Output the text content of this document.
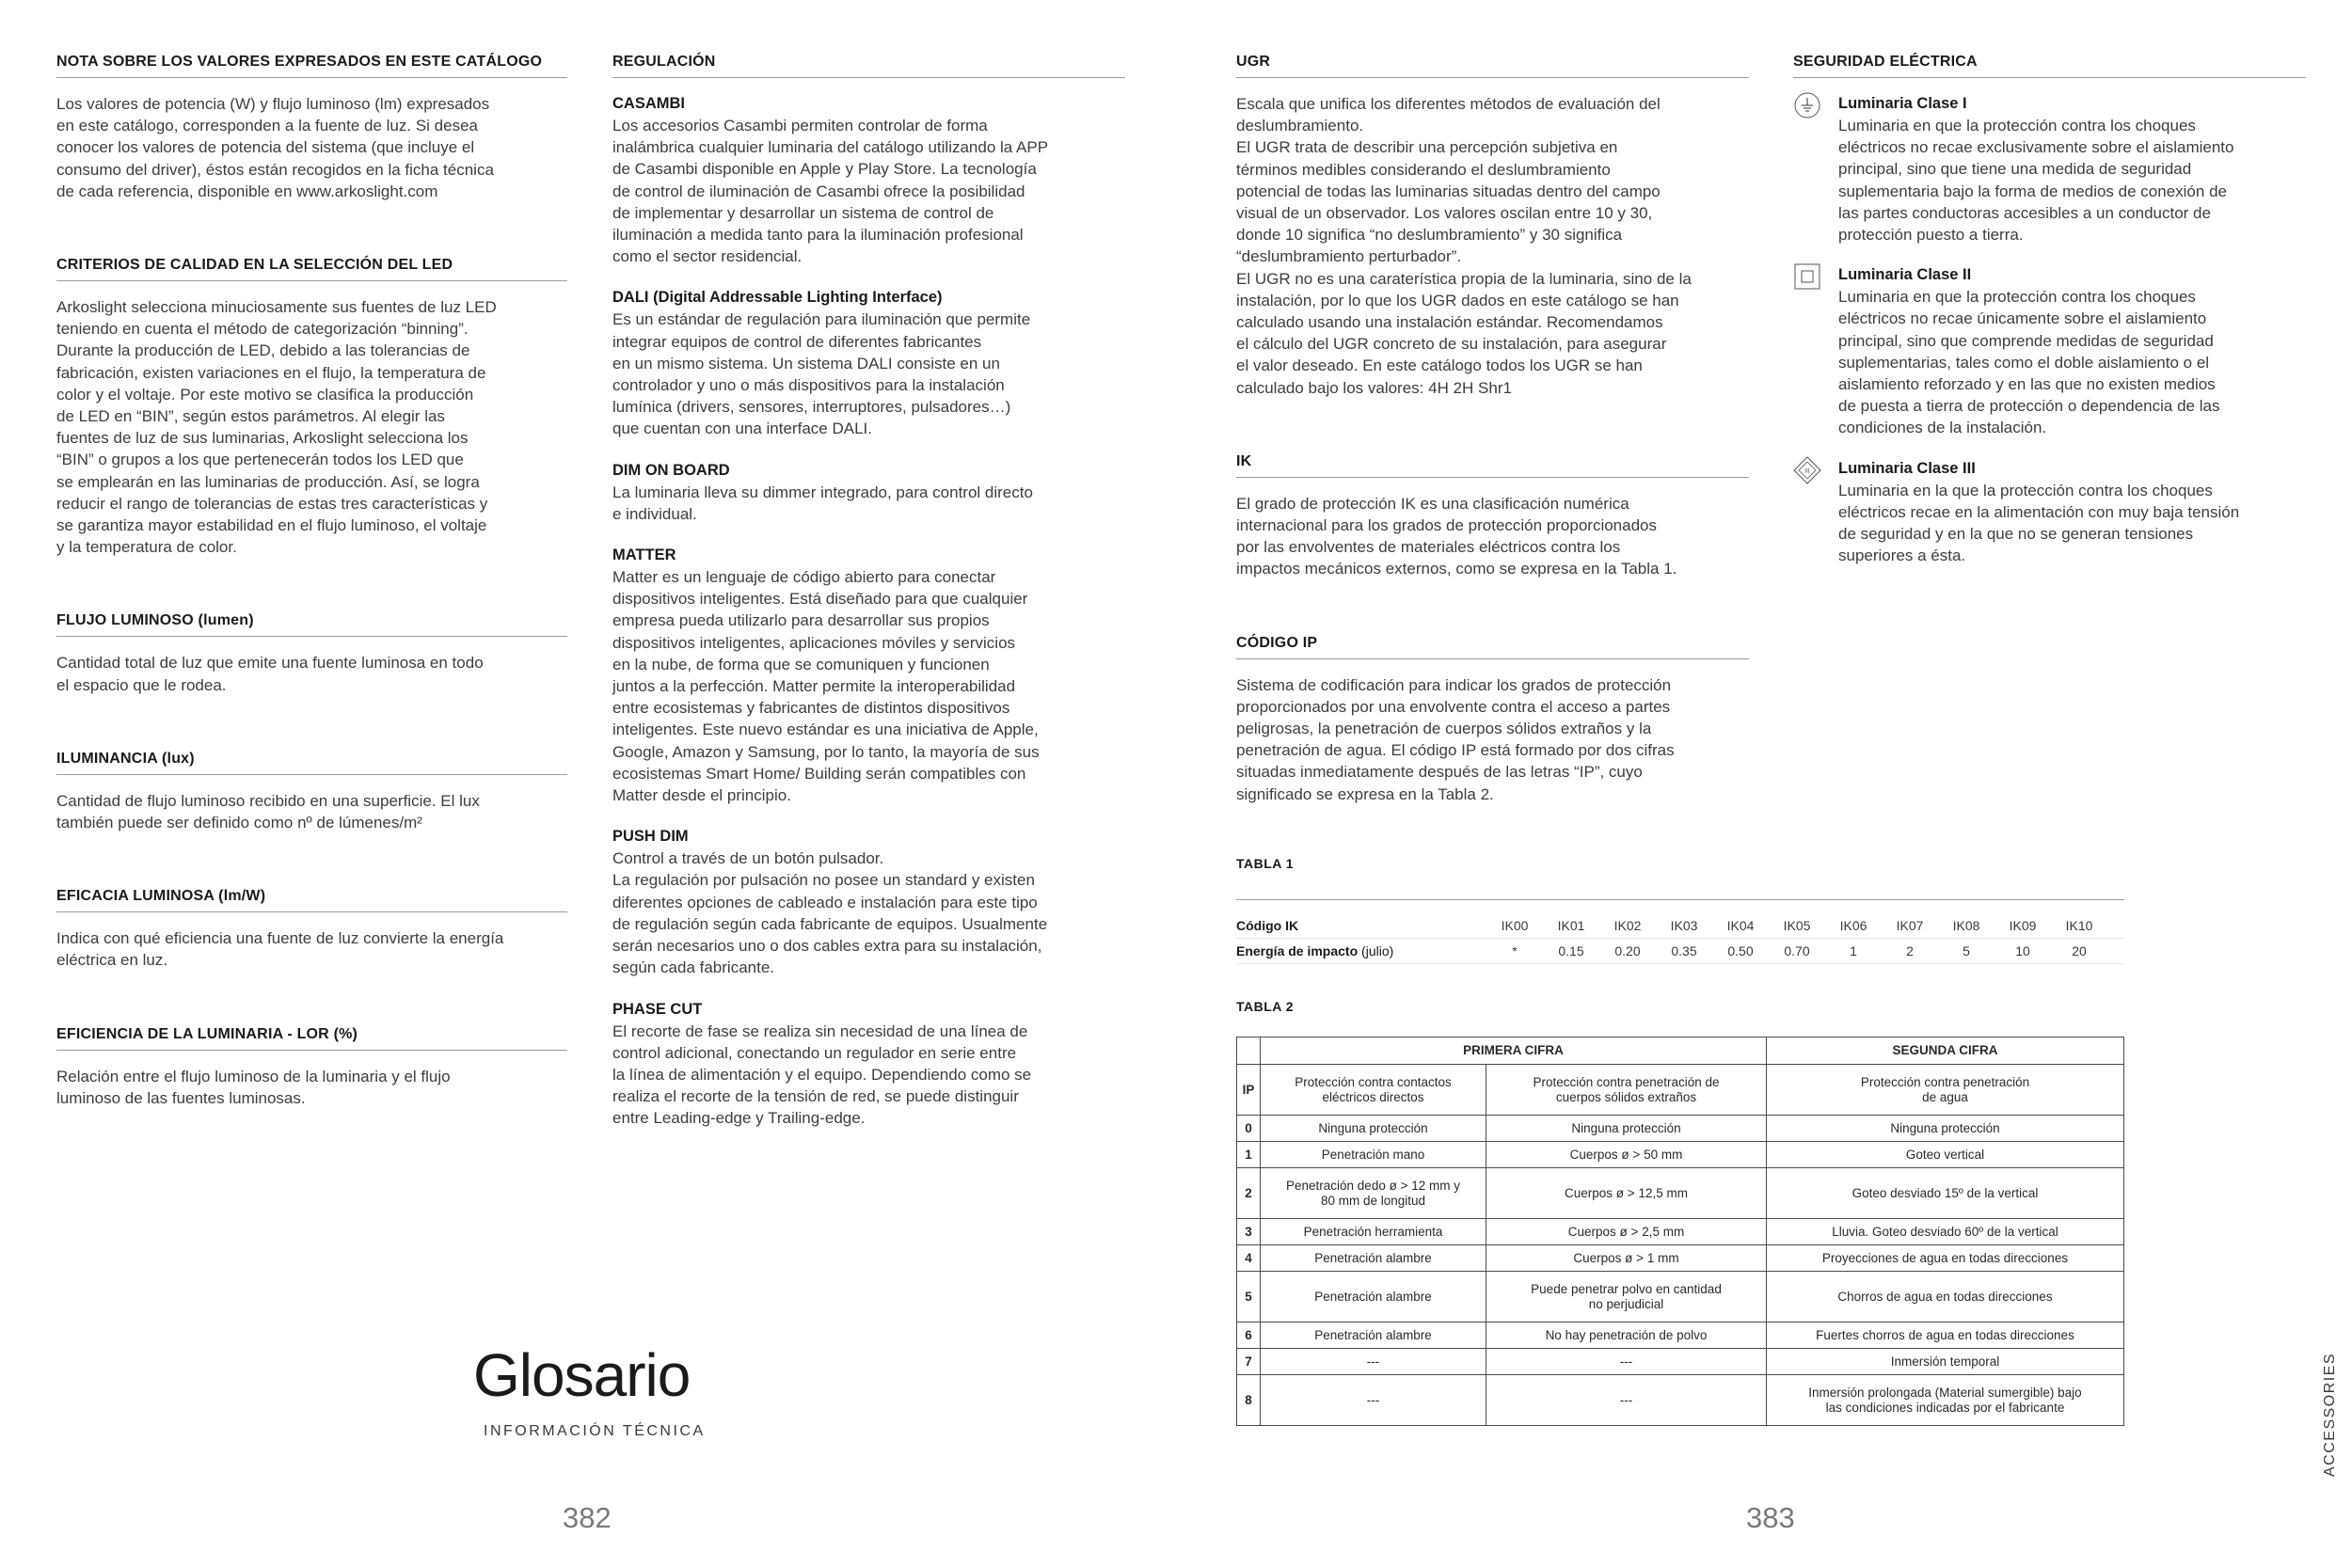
NOTA SOBRE LOS VALORES EXPRESADOS EN ESTE CATÁLOGO
Los valores de potencia (W) y flujo luminoso (lm) expresados
en este catálogo, corresponden a la fuente de luz. Si desea
conocer los valores de potencia del sistema (que incluye el
consumo del driver), éstos están recogidos en la ficha técnica
de cada referencia, disponible en www.arkoslight.com
CRITERIOS DE CALIDAD EN LA SELECCIÓN DEL LED
Arkoslight selecciona minuciosamente sus fuentes de luz LED
teniendo en cuenta el método de categorización “binning”.
Durante la producción de LED, debido a las tolerancias de
fabricación, existen variaciones en el flujo, la temperatura de
color y el voltaje. Por este motivo se clasifica la producción
de LED en “BIN”, según estos parámetros. Al elegir las
fuentes de luz de sus luminarias, Arkoslight selecciona los
“BIN” o grupos a los que pertenecerán todos los LED que
se emplearán en las luminarias de producción. Así, se logra
reducir el rango de tolerancias de estas tres características y
se garantiza mayor estabilidad en el flujo luminoso, el voltaje
y la temperatura de color.
FLUJO LUMINOSO (lumen)
Cantidad total de luz que emite una fuente luminosa en todo
el espacio que le rodea.
ILUMINANCIA (lux)
Cantidad de flujo luminoso recibido en una superficie. El lux
también puede ser definido como nº de lúmenes/m²
EFICACIA LUMINOSA (lm/W)
Indica con qué eficiencia una fuente de luz convierte la energía
eléctrica en luz.
EFICIENCIA DE LA LUMINARIA - LOR (%)
Relación entre el flujo luminoso de la luminaria y el flujo
luminoso de las fuentes luminosas.
REGULACIÓN
CASAMBI
Los accesorios Casambi permiten controlar de forma
inalámbrica cualquier luminaria del catálogo utilizando la APP
de Casambi disponible en Apple y Play Store. La tecnología
de control de iluminación de Casambi ofrece la posibilidad
de implementar y desarrollar un sistema de control de
iluminación a medida tanto para la iluminación profesional
como el sector residencial.
DALI (Digital Addressable Lighting Interface)
Es un estándar de regulación para iluminación que permite
integrar equipos de control de diferentes fabricantes
en un mismo sistema. Un sistema DALI consiste en un
controlador y uno o más dispositivos para la instalación
lumínica (drivers, sensores, interruptores, pulsadores…)
que cuentan con una interface DALI.
DIM ON BOARD
La luminaria lleva su dimmer integrado, para control directo
e individual.
MATTER
Matter es un lenguaje de código abierto para conectar
dispositivos inteligentes. Está diseñado para que cualquier
empresa pueda utilizarlo para desarrollar sus propios
dispositivos inteligentes, aplicaciones móviles y servicios
en la nube, de forma que se comuniquen y funcionen
juntos a la perfección. Matter permite la interoperabilidad
entre ecosistemas y fabricantes de distintos dispositivos
inteligentes. Este nuevo estándar es una iniciativa de Apple,
Google, Amazon y Samsung, por lo tanto, la mayoría de sus
ecosistemas Smart Home/ Building serán compatibles con
Matter desde el principio.
PUSH DIM
Control a través de un botón pulsador.
La regulación por pulsación no posee un standard y existen
diferentes opciones de cableado e instalación para este tipo
de regulación según cada fabricante de equipos. Usualmente
serán necesarios uno o dos cables extra para su instalación,
según cada fabricante.
PHASE CUT
El recorte de fase se realiza sin necesidad de una línea de
control adicional, conectando un regulador en serie entre
la línea de alimentación y el equipo. Dependiendo como se
realiza el recorte de la tensión de red, se puede distinguir
entre Leading-edge y Trailing-edge.
UGR
Escala que unifica los diferentes métodos de evaluación del
deslumbramiento.
El UGR trata de describir una percepción subjetiva en
términos medibles considerando el deslumbramiento
potencial de todas las luminarias situadas dentro del campo
visual de un observador. Los valores oscilan entre 10 y 30,
donde 10 significa “no deslumbramiento” y 30 significa
“deslumbramiento perturbador”.
El UGR no es una caraterística propia de la luminaria, sino de la
instalación, por lo que los UGR dados en este catálogo se han
calculado usando una instalación estándar. Recomendamos
el cálculo del UGR concreto de su instalación, para asegurar
el valor deseado. En este catálogo todos los UGR se han
calculado bajo los valores: 4H 2H Shr1
IK
El grado de protección IK es una clasificación numérica
internacional para los grados de protección proporcionados
por las envolventes de materiales eléctricos contra los
impactos mecánicos externos, como se expresa en la Tabla 1.
CÓDIGO IP
Sistema de codificación para indicar los grados de protección
proporcionados por una envolvente contra el acceso a partes
peligrosas, la penetración de cuerpos sólidos extraños y la
penetración de agua. El código IP está formado por dos cifras
situadas inmediatamente después de las letras “IP”, cuyo
significado se expresa en la Tabla 2.
SEGURIDAD ELÉCTRICA
Luminaria Clase I
Luminaria en que la protección contra los choques
eléctricos no recae exclusivamente sobre el aislamiento
principal, sino que tiene una medida de seguridad
suplementaria bajo la forma de medios de conexión de
las partes conductoras accesibles a un conductor de
protección puesto a tierra.
Luminaria Clase II
Luminaria en que la protección contra los choques
eléctricos no recae únicamente sobre el aislamiento
principal, sino que comprende medidas de seguridad
suplementarias, tales como el doble aislamiento o el
aislamiento reforzado y en las que no existen medios
de puesta a tierra de protección o dependencia de las
condiciones de la instalación.
III Luminaria Clase III
Luminaria en la que la protección contra los choques
eléctricos recae en la alimentación con muy baja tensión
de seguridad y en la que no se generan tensiones
superiores a ésta.
Glosario
INFORMACIÓN TÉCNICA
382	383
ACCESSORIES
TABLA 1
Código IK	IK00	IK01	IK02	IK03	IK04	IK05	IK06	IK07	IK08	IK09	IK10
Energía de impacto (julio)	*	0.15	0.20	0.35	0.50	0.70	1	2	5	10	20
TABLA 2
	PRIMERA CIFRA		SEGUNDA CIFRA
IP	Protección contra contactos
eléctricos directos	Protección contra penetración de
cuerpos sólidos extraños	Protección contra penetración
de agua
0	Ninguna protección	Ninguna protección	Ninguna protección
1	Penetración mano	Cuerpos ø > 50 mm	Goteo vertical
2	Penetración dedo ø > 12 mm y
80 mm de longitud	Cuerpos ø > 12,5 mm	Goteo desviado 15º de la vertical
3	Penetración herramienta	Cuerpos ø > 2,5 mm	Lluvia. Goteo desviado 60º de la vertical
4	Penetración alambre	Cuerpos ø > 1 mm	Proyecciones de agua en todas direcciones
5	Penetración alambre	Puede penetrar polvo en cantidad
no perjudicial	Chorros de agua en todas direcciones
6	Penetración alambre	No hay penetración de polvo	Fuertes chorros de agua en todas direcciones
7	---	---	Inmersión temporal
8	---	---	Inmersión prolongada (Material sumergible) bajo
las condiciones indicadas por el fabricante
